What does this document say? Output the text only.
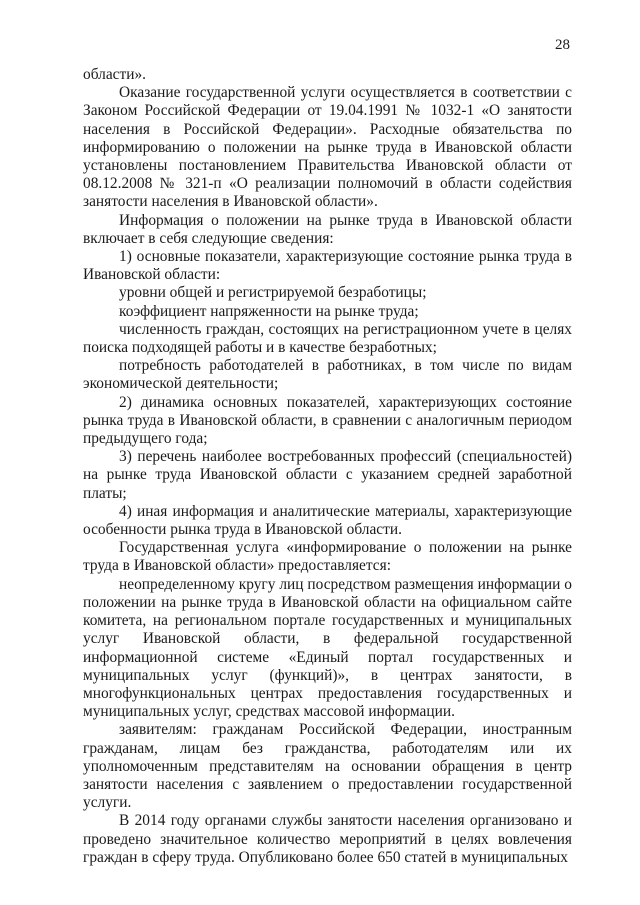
28

области».

Оказание государственной услуги осуществляется в соответствии с Законом Российской Федерации от 19.04.1991 № 1032-1 «О занятости населения в Российской Федерации». Расходные обязательства по информированию о положении на рынке труда в Ивановской области установлены постановлением Правительства Ивановской области от 08.12.2008 № 321-п «О реализации полномочий в области содействия занятости населения в Ивановской области».

Информация о положении на рынке труда в Ивановской области включает в себя следующие сведения:

1) основные показатели, характеризующие состояние рынка труда в Ивановской области:

уровни общей и регистрируемой безработицы;

коэффициент напряженности на рынке труда;

численность граждан, состоящих на регистрационном учете в целях поиска подходящей работы и в качестве безработных;

потребность работодателей в работниках, в том числе по видам экономической деятельности;

2) динамика основных показателей, характеризующих состояние рынка труда в Ивановской области, в сравнении с аналогичным периодом предыдущего года;

3) перечень наиболее востребованных профессий (специальностей) на рынке труда Ивановской области с указанием средней заработной платы;

4) иная информация и аналитические материалы, характеризующие особенности рынка труда в Ивановской области.

Государственная услуга «информирование о положении на рынке труда в Ивановской области» предоставляется:

неопределенному кругу лиц посредством размещения информации о положении на рынке труда в Ивановской области на официальном сайте комитета, на региональном портале государственных и муниципальных услуг Ивановской области, в федеральной государственной информационной системе «Единый портал государственных и муниципальных услуг (функций)», в центрах занятости, в многофункциональных центрах предоставления государственных и муниципальных услуг, средствах массовой информации.

заявителям: гражданам Российской Федерации, иностранным гражданам, лицам без гражданства, работодателям или их уполномоченным представителям на основании обращения в центр занятости населения с заявлением о предоставлении государственной услуги.

В 2014 году органами службы занятости населения организовано и проведено значительное количество мероприятий в целях вовлечения граждан в сферу труда. Опубликовано более 650 статей в муниципальных
